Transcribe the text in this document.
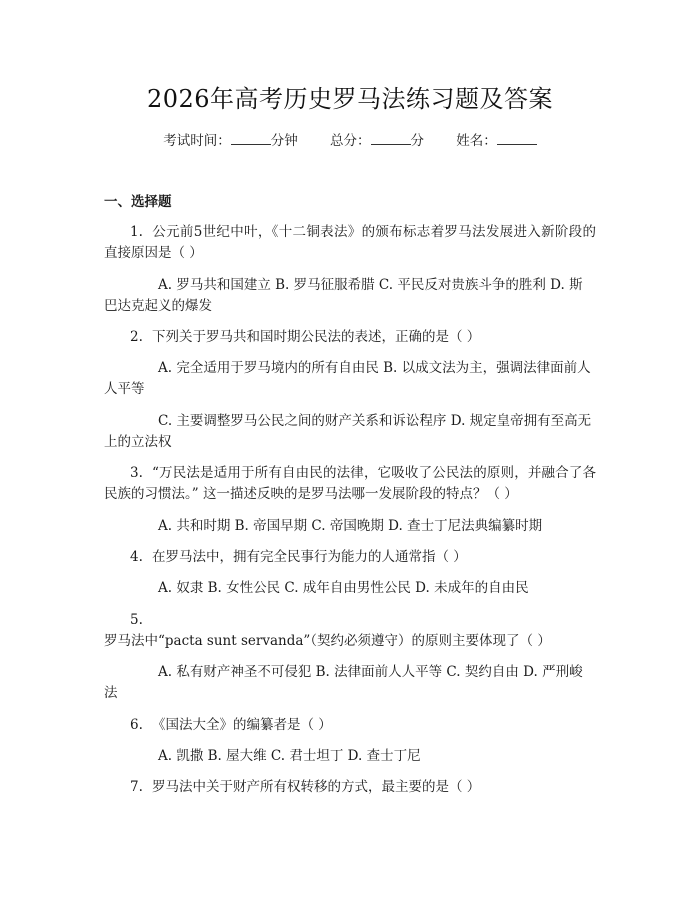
2026年高考历史罗马法练习题及答案
考试时间：	分钟 总分：	分 姓名：
一、选择题

1. 公元前5世纪中叶，《十二铜表法》的颁布标志着罗马法发展进入新阶段的直接原因是（ ）

A. 罗马共和国建立 B. 罗马征服希腊 C. 平民反对贵族斗争的胜利 D. 斯巴达克起义的爆发

2. 下列关于罗马共和国时期公民法的表述，正确的是（ ）

A. 完全适用于罗马境内的所有自由民 B. 以成文法为主，强调法律面前人人平等

C. 主要调整罗马公民之间的财产关系和诉讼程序 D. 规定皇帝拥有至高无上的立法权

3. “万民法是适用于所有自由民的法律，它吸收了公民法的原则，并融合了各民族的习惯法。” 这一描述反映的是罗马法哪一发展阶段的特点？（ ）

A. 共和时期 B. 帝国早期 C. 帝国晚期 D. 查士丁尼法典编纂时期

4. 在罗马法中，拥有完全民事行为能力的人通常指（ ）

A. 奴隶 B. 女性公民 C. 成年自由男性公民 D. 未成年的自由民

5.罗马法中“pacta sunt servanda”（契约必须遵守）的原则主要体现了（ ）

A. 私有财产神圣不可侵犯 B. 法律面前人人平等 C. 契约自由 D. 严刑峻法

6. 《国法大全》的编纂者是（ ）

A. 凯撒 B. 屋大维 C. 君士坦丁 D. 查士丁尼

7. 罗马法中关于财产所有权转移的方式，最主要的是（ ）
